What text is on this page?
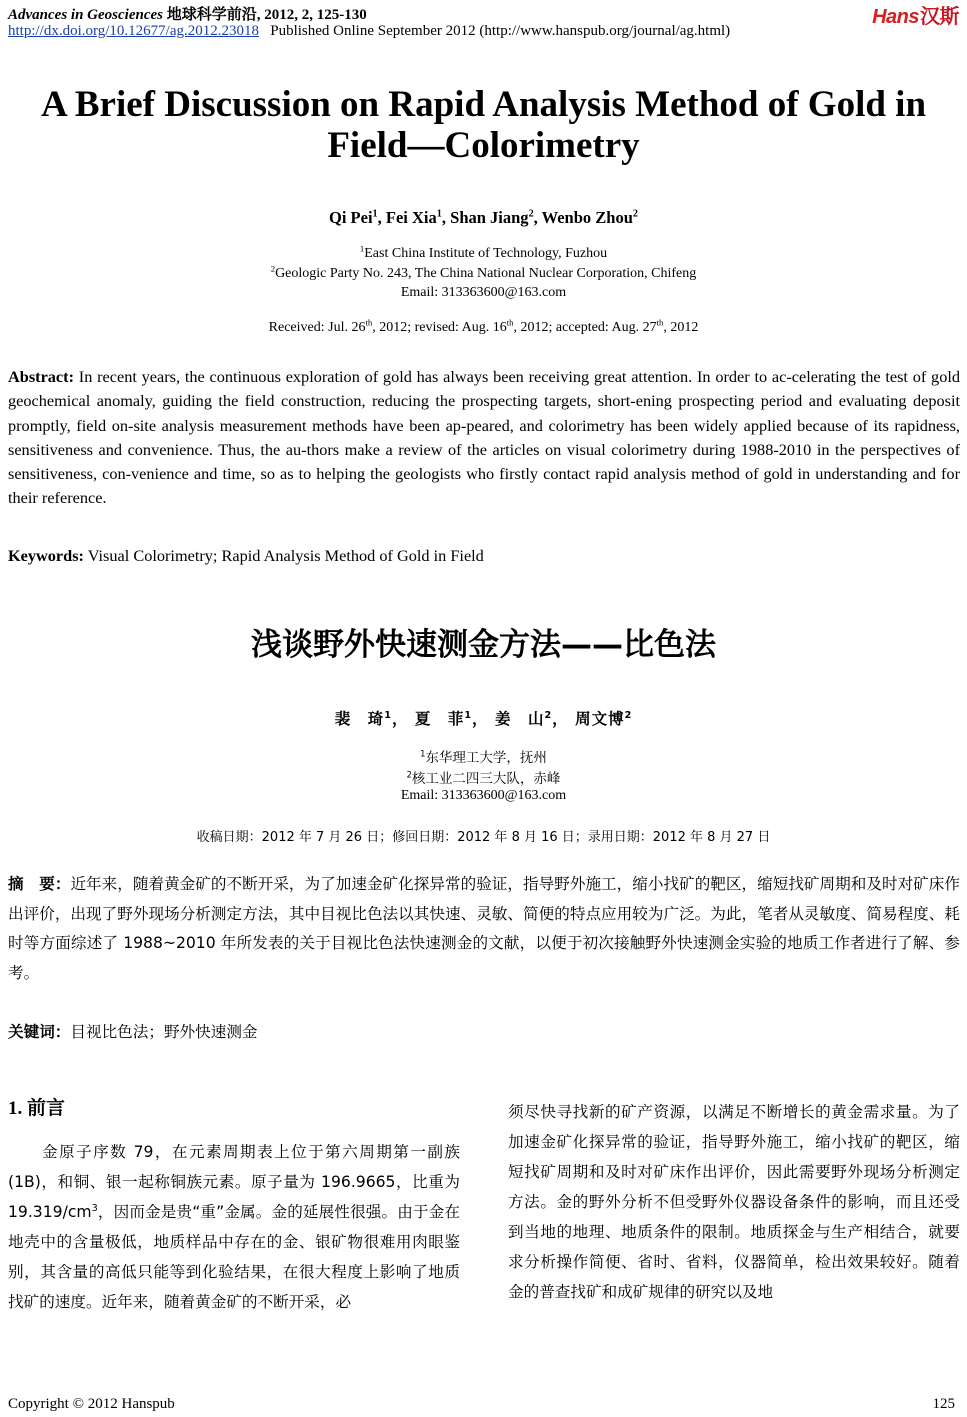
Advances in Geosciences 地球科学前沿, 2012, 2, 125-130
http://dx.doi.org/10.12677/ag.2012.23018 Published Online September 2012 (http://www.hanspub.org/journal/ag.html)
Hans汉斯
A Brief Discussion on Rapid Analysis Method of Gold in
Field—Colorimetry
Qi Pei$^1$, Fei Xia$^1$, Shan Jiang$^2$, Wenbo Zhou$^2$
$^1$East China Institute of Technology, Fuzhou
$^2$Geologic Party No. 243, The China National Nuclear Corporation, Chifeng
Email: 313363600@163.com
Received: Jul. 26th, 2012; revised: Aug. 16th, 2012; accepted: Aug. 27th, 2012
Abstract: In recent years, the continuous exploration of gold has always been receiving great attention. In order to ac-celerating the test of gold geochemical anomaly, guiding the field construction, reducing the prospecting targets, short-ening prospecting period and evaluating deposit promptly, field on-site analysis measurement methods have been ap-peared, and colorimetry has been widely applied because of its rapidness, sensitiveness and convenience. Thus, the au-thors make a review of the articles on visual colorimetry during 1988-2010 in the perspectives of sensitiveness, con-venience and time, so as to helping the geologists who firstly contact rapid analysis method of gold in understanding and for their reference.
Keywords: Visual Colorimetry; Rapid Analysis Method of Gold in Field
浅谈野外快速测金方法——比色法
裴　琦$^1$， 夏　菲$^1$， 姜　山$^2$， 周文博$^2$
$^1$东华理工大学，抚州
$^2$核工业二四三大队，赤峰
Email: 313363600@163.com
收稿日期：2012 年 7 月 26 日；修回日期：2012 年 8 月 16 日；录用日期：2012 年 8 月 27 日
摘　要：近年来，随着黄金矿的不断开采，为了加速金矿化探异常的验证，指导野外施工，缩小找矿的靶区，缩短找矿周期和及时对矿床作出评价，出现了野外现场分析测定方法，其中目视比色法以其快速、灵敏、简便的特点应用较为广泛。为此，笔者从灵敏度、简易程度、耗时等方面综述了 1988~2010 年所发表的关于目视比色法快速测金的文献，以便于初次接触野外快速测金实验的地质工作者进行了解、参考。
关键词：目视比色法；野外快速测金
1. 前言
　　金原子序数 79，在元素周期表上位于第六周期第一副族(1B)，和铜、银一起称铜族元素。原子量为 196.9665，比重为 $19.319/cm^3$，因而金是贵“重”金属。金的延展性很强。由于金在地壳中的含量极低，地质样品中存在的金、银矿物很难用肉眼鉴别，其含量的高低只能等到化验结果，在很大程度上影响了地质找矿的速度。近年来，随着黄金矿的不断开采，必
须尽快寻找新的矿产资源，以满足不断增长的黄金需求量。为了加速金矿化探异常的验证，指导野外施工，缩小找矿的靶区，缩短找矿周期和及时对矿床作出评价，因此需要野外现场分析测定方法。金的野外分析不但受野外仪器设备条件的影响，而且还受到当地的地理、地质条件的限制。地质探金与生产相结合，就要求分析操作简便、省时、省料，仪器简单，检出效果较好。随着金的普查找矿和成矿规律的研究以及地
Copyright © 2012 Hanspub	125
